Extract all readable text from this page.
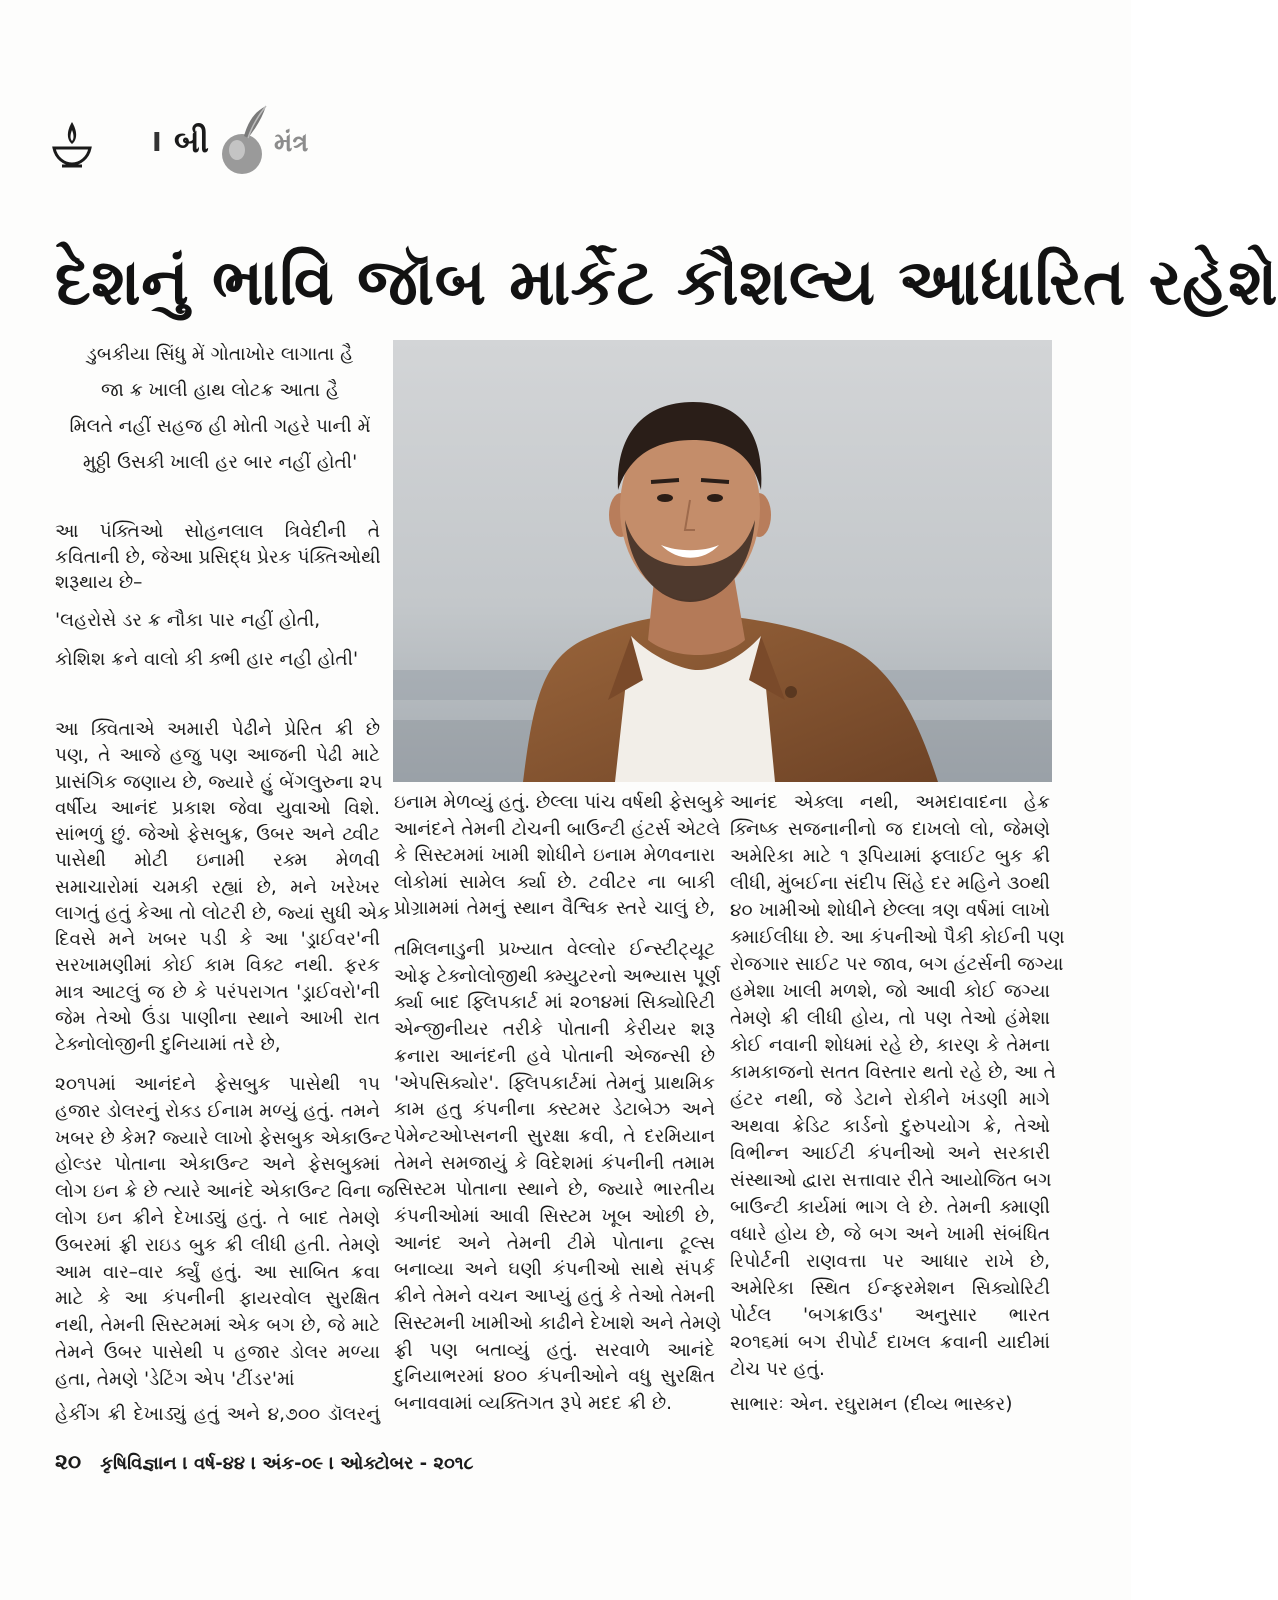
I બી	મંત્ર
દેશનું ભાવિ જૉબ માર્કેટ કૌશલ્ય આધારિત રહેશે
ડુબકીયા સિંધુ મેં ગોતાખોર લાગાતા હૈ
જા ક્ર ખાલી હાથ લોટક્ર આતા હૈ
મિલતે નહીં સહજ હી મોતી ગહરે પાની મેં
મુઠ્ઠી ઉસકી ખાલી હર બાર નહીં હોતી'
આ પંક્તિઓ સોહનલાલ ત્રિવેદીની તે
કવિતાની છે, જેઆ પ્રસિદ્ધ પ્રેરક પંક્તિઓથી
શરૂથાય છે–
'લહરોસે ડર ક્ર નૌકા પાર નહીં હોતી,
કોશિશ ક્રને વાલો કી ક્ભી હાર નહી હોતી'
આ ક્વિતાએ અમારી પેઢીને પ્રેરિત ક્રી છે
પણ, તે આજે હજુ પણ આજની પેઢી માટે
પ્રાસંગિક જણાય છે, જ્યારે હું બેંગલુરુના ૨૫
વર્ષીય આનંદ પ્રકાશ જેવા યુવાઓ વિશે.
સાંભળું છું. જેઓ ફેસબુક્ર, ઉબર અને ટ્વીટ
પાસેથી મોટી ઇનામી રક્મ મેળવી
સમાચારોમાં ચમકી રહ્યાં છે, મને ખરેખર
લાગતું હતું કેઆ તો લોટરી છે, જ્યાં સુધી એક
દિવસે મને ખબર પડી કે આ 'ડ્રાઈવર'ની
સરખામણીમાં કોઈ કામ વિક્ટ નથી. ફરક
માત્ર આટલું જ છે કે પરંપરાગત 'ડ્રાઈવરો'ની
જેમ તેઓ ઉંડા પાણીના સ્થાને આખી રાત
ટેક્નોલોજીની દુનિયામાં તરે છે,
૨૦૧૫માં આનંદને ફેસબુક પાસેથી ૧૫
હજાર ડોલરનું રોક્ડ ઈનામ મળ્યું હતું. તમને
ખબર છે કેમ? જ્યારે લાખો ફેસબુક એકાઉન્ટ
હોલ્ડર પોતાના એકાઉન્ટ અને ફેસબુક્માં
લોગ ઇન ક્રે છે ત્યારે આનંદે એકાઉન્ટ વિના જ
લોગ ઇન ક્રીને દેખાડ્યું હતું. તે બાદ તેમણે
ઉબરમાં ફ્રી રાઇડ બુક ક્રી લીધી હતી. તેમણે
આમ વાર–વાર ર્ક્યું હતું. આ સાબિત ક્રવા
માટે કે આ કંપનીની ફાયરવોલ સુરક્ષિત
નથી, તેમની સિસ્ટમમાં એક બગ છે, જે માટે
તેમને ઉબર પાસેથી ૫ હજાર ડોલર મળ્યા
હતા, તેમણે 'ડેટિંગ એપ 'ટીંડર'માં
હેકીંગ ક્રી દેખાડ્યું હતું અને ૪,૭૦૦ ડૉલરનું
ઇનામ મેળવ્યું હતું. છેલ્લા પાંચ વર્ષથી ફેસબુકે
આનંદને તેમની ટોચની બાઉન્ટી હંટર્સ એટલે
કે સિસ્ટમમાં ખામી શોધીને ઇનામ મેળવનારા
લોકોમાં સામેલ ર્ક્યા છે. ટવીટર ના બાકી
પ્રોગ્રામમાં તેમનું સ્થાન વૈશ્વિક સ્તરે ચાલું છે,
તમિલનાડુની પ્રખ્યાત વેલ્લોર ઈન્સ્ટીટ્યૂટ
ઓફ ટેક્નોલોજીથી ક્મ્યુટરનો અભ્યાસ પૂર્ણ
ર્ક્યા બાદ ફ્લિપકાર્ટ માં ૨૦૧૪માં સિક્યોરિટી
એન્જીનીયર તરીકે પોતાની કેરીયર શરૂ
ક્રનારા આનંદની હવે પોતાની એજન્સી છે
'એપસિક્યોર'. ફ્લિપકાર્ટમાં તેમનું પ્રાથમિક
કામ હતુ કંપનીના ક્સ્ટમર ડેટાબેઝ અને
પેમેન્ટઓપ્સનની સુરક્ષા ક્રવી, તે દરમિયાન
તેમને સમજાયું કે વિદેશમાં કંપનીની તમામ
સિસ્ટમ પોતાના સ્થાને છે, જ્યારે ભારતીય
કંપનીઓમાં આવી સિસ્ટમ ખૂબ ઓછી છે,
આનંદ અને તેમની ટીમે પોતાના ટૂલ્સ
બનાવ્યા અને ઘણી કંપનીઓ સાથે સંપર્ક
ક્રીને તેમને વચન આપ્યું હતું કે તેઓ તેમની
સિસ્ટમની ખામીઓ કાઢીને દેખાશે અને તેમણે
ફ્રી પણ બતાવ્યું હતું. સરવાળે આનંદે
દુનિયાભરમાં ૪૦૦ કંપનીઓને વધુ સુરક્ષિત
બનાવવામાં વ્યક્તિગત રૂપે મદદ ક્રી છે.
આનંદ એક્લા નથી, અમદાવાદના હેક્ર
ક્નિષ્ક સજનાનીનો જ દાખલો લો, જેમણે
અમેરિકા માટે ૧ રૂપિયામાં ફ્લાઈટ બુક ક્રી
લીધી, મુંબઈના સંદીપ સિંહે દર મહિને ૩૦થી
૪૦ ખામીઓ શોધીને છેલ્લા ત્રણ વર્ષમાં લાખો
ક્માઈલીધા છે. આ કંપનીઓ પૈકી કોઈની પણ
રોજગાર સાઈટ પર જાવ, બગ હંટર્સની જગ્યા
હમેશા ખાલી મળશે, જો આવી કોઈ જગ્યા
તેમણે ક્રી લીધી હોય, તો પણ તેઓ હંમેશા
કોઈ નવાની શોધમાં રહે છે, કારણ કે તેમના
કામકાજનો સતત વિસ્તાર થતો રહે છે, આ તે
હંટર નથી, જે ડેટાને રોકીને ખંડણી માગે
અથવા ક્રેડિટ કાર્ડનો દુરુપયોગ ક્રે, તેઓ
વિભીન્ન આઈટી કંપનીઓ અને સરકારી
સંસ્થાઓ દ્વારા સત્તાવાર રીતે આયોજિત બગ
બાઉન્ટી કાર્યમાં ભાગ લે છે. તેમની ક્માણી
વધારે હોય છે, જે બગ અને ખામી સંબંધિત
રિપોર્ટની રાણવત્તા પર આધાર રાખે છે,
અમેરિકા સ્થિત ઈન્ફરમેશન સિક્યોરિટી
પોર્ટલ 'બગક્રાઉડ' અનુસાર ભારત
૨૦૧૬માં બગ રીપોર્ટ દાખલ ક્રવાની યાદીમાં
ટોચ પર હતું.
સાભારઃ એન. રઘુરામન (દીવ્ય ભાસ્કર)
૨૦ કૃષિવિજ્ઞાન । વર્ષ-૪૪ । અંક-૦૯ । ઓક્ટોબર - ૨૦૧૮
